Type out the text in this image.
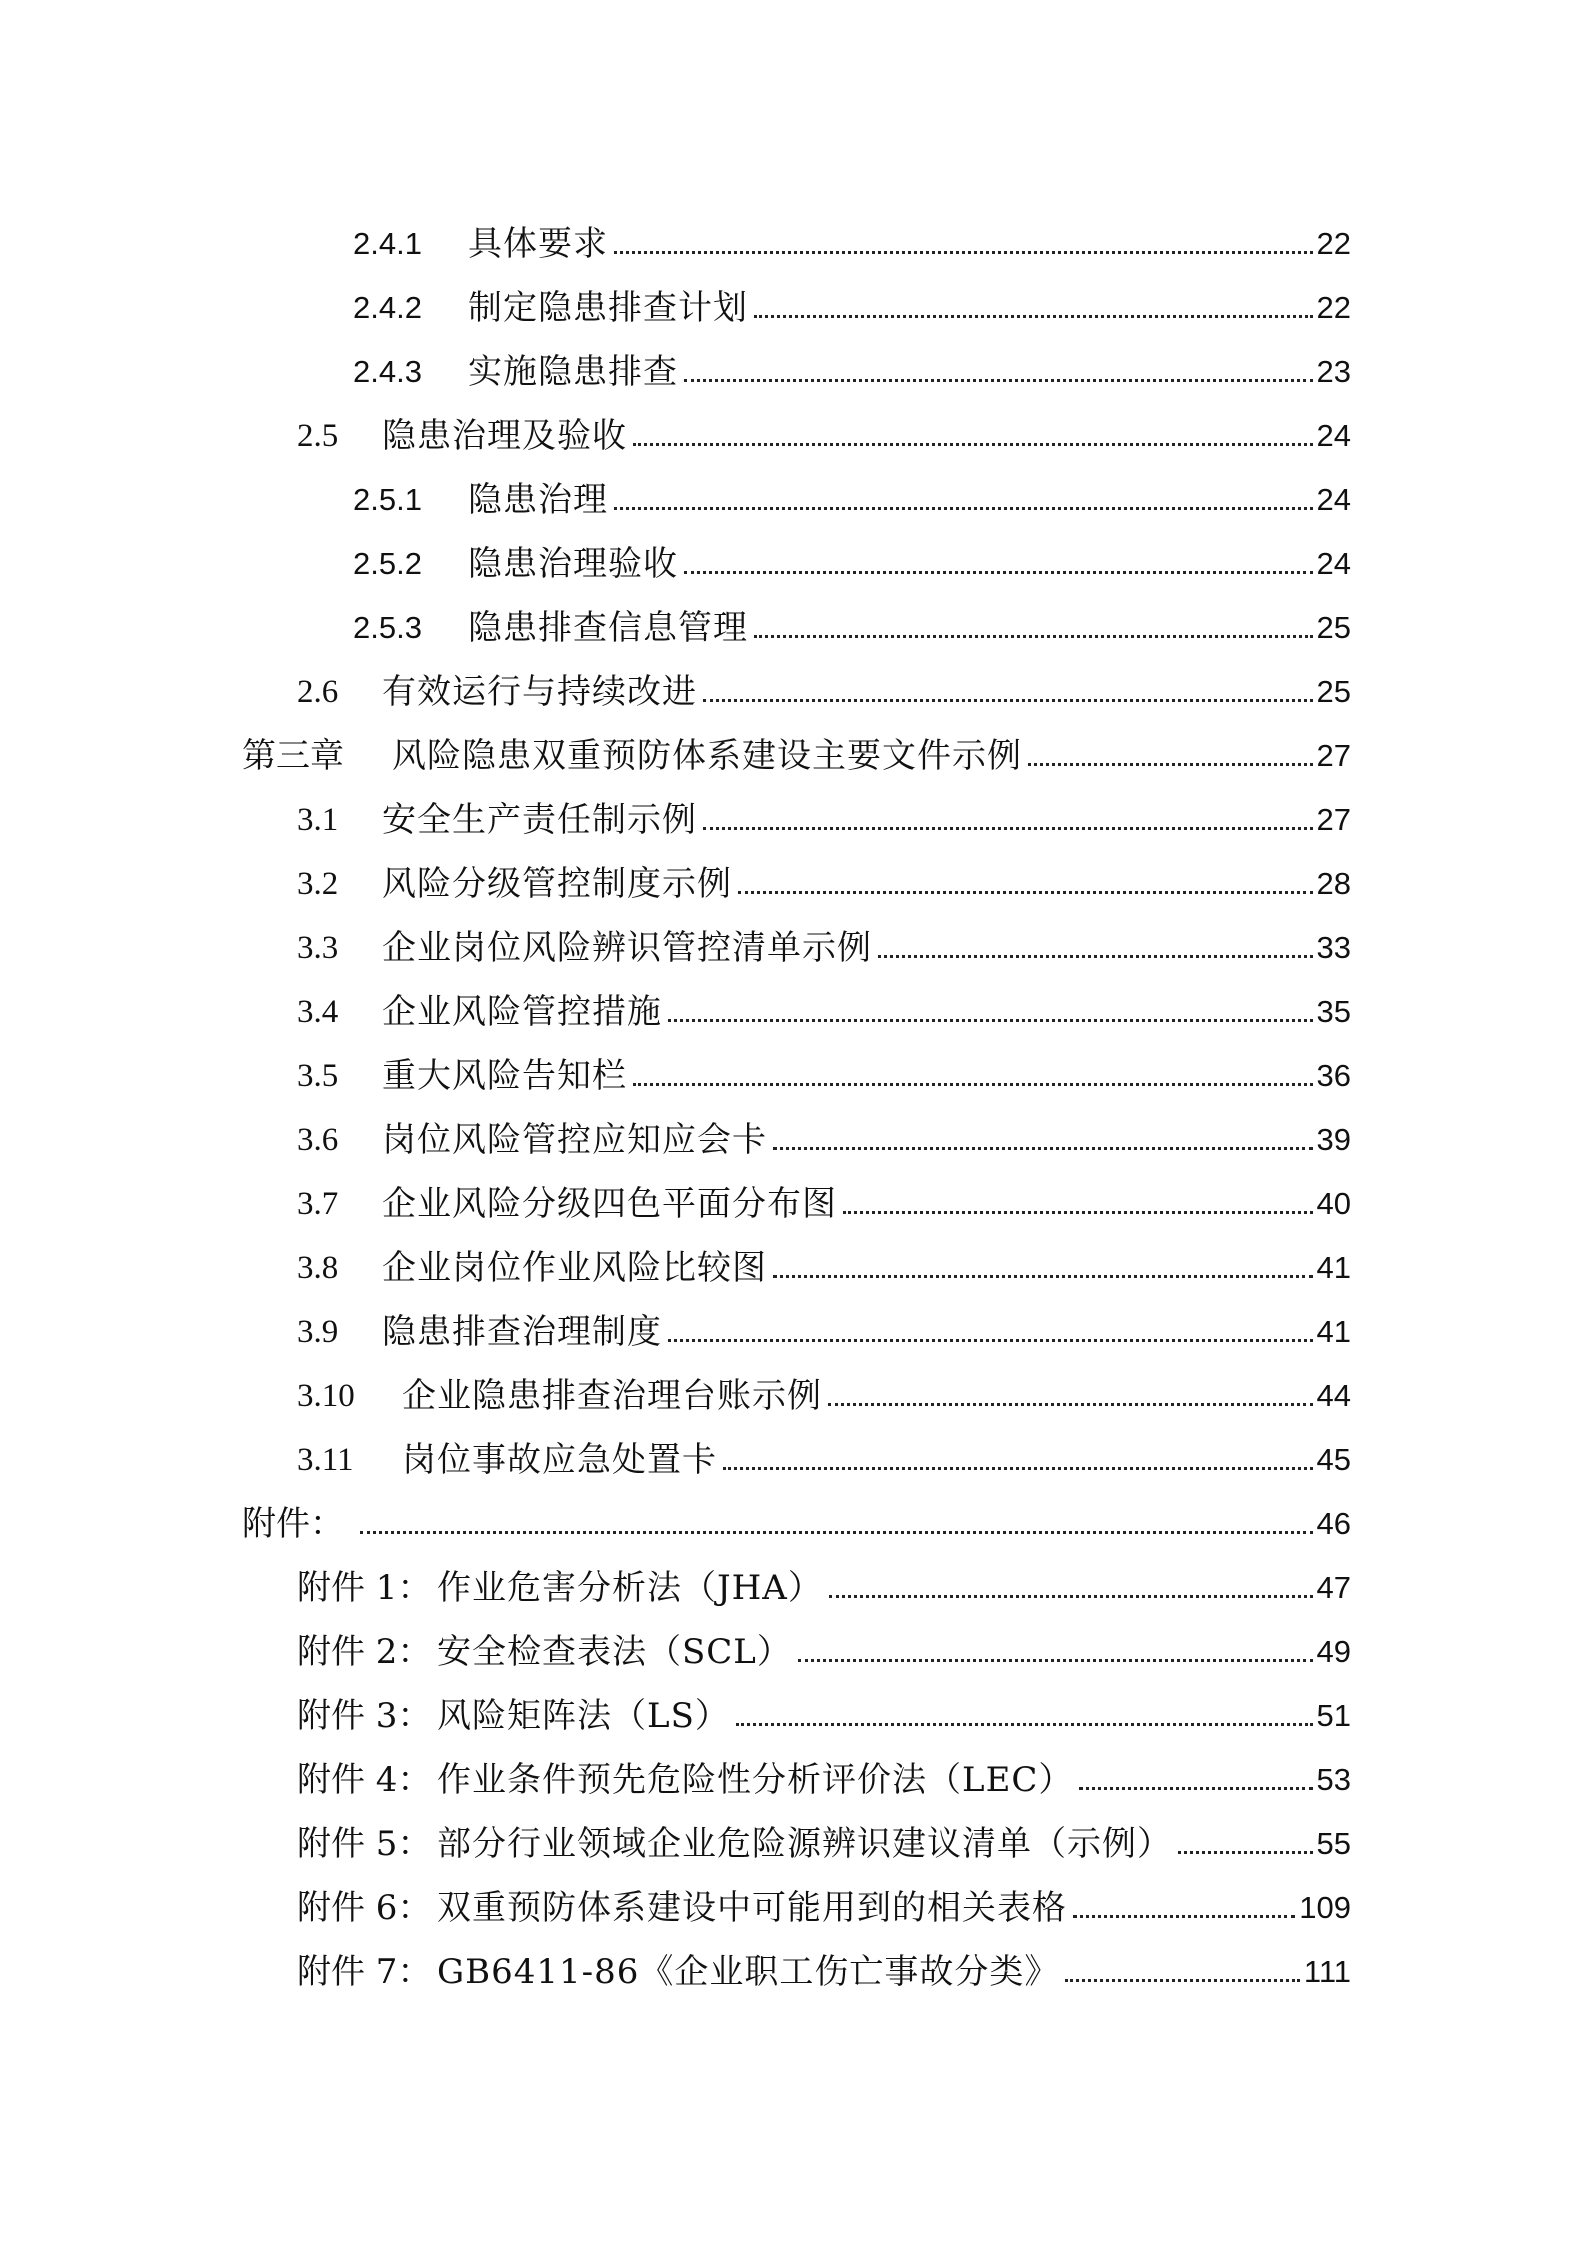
2.4.1	具体要求	22
2.4.2	制定隐患排查计划	22
2.4.3	实施隐患排查	23
2.5	隐患治理及验收	24
2.5.1	隐患治理	24
2.5.2	隐患治理验收	24
2.5.3	隐患排查信息管理	25
2.6	有效运行与持续改进	25
第三章	风险隐患双重预防体系建设主要文件示例	27
3.1	安全生产责任制示例	27
3.2	风险分级管控制度示例	28
3.3	企业岗位风险辨识管控清单示例	33
3.4	企业风险管控措施	35
3.5	重大风险告知栏	36
3.6	岗位风险管控应知应会卡	39
3.7	企业风险分级四色平面分布图	40
3.8	企业岗位作业风险比较图	41
3.9	隐患排查治理制度	41
3.10	企业隐患排查治理台账示例	44
3.11	岗位事故应急处置卡	45
附件：	46
附件 1： 作业危害分析法（JHA）	47
附件 2： 安全检查表法（SCL）	49
附件 3： 风险矩阵法（LS）	51
附件 4： 作业条件预先危险性分析评价法（LEC）	53
附件 5： 部分行业领域企业危险源辨识建议清单（示例）	55
附件 6： 双重预防体系建设中可能用到的相关表格	109
附件 7： GB6411-86《企业职工伤亡事故分类》	111
